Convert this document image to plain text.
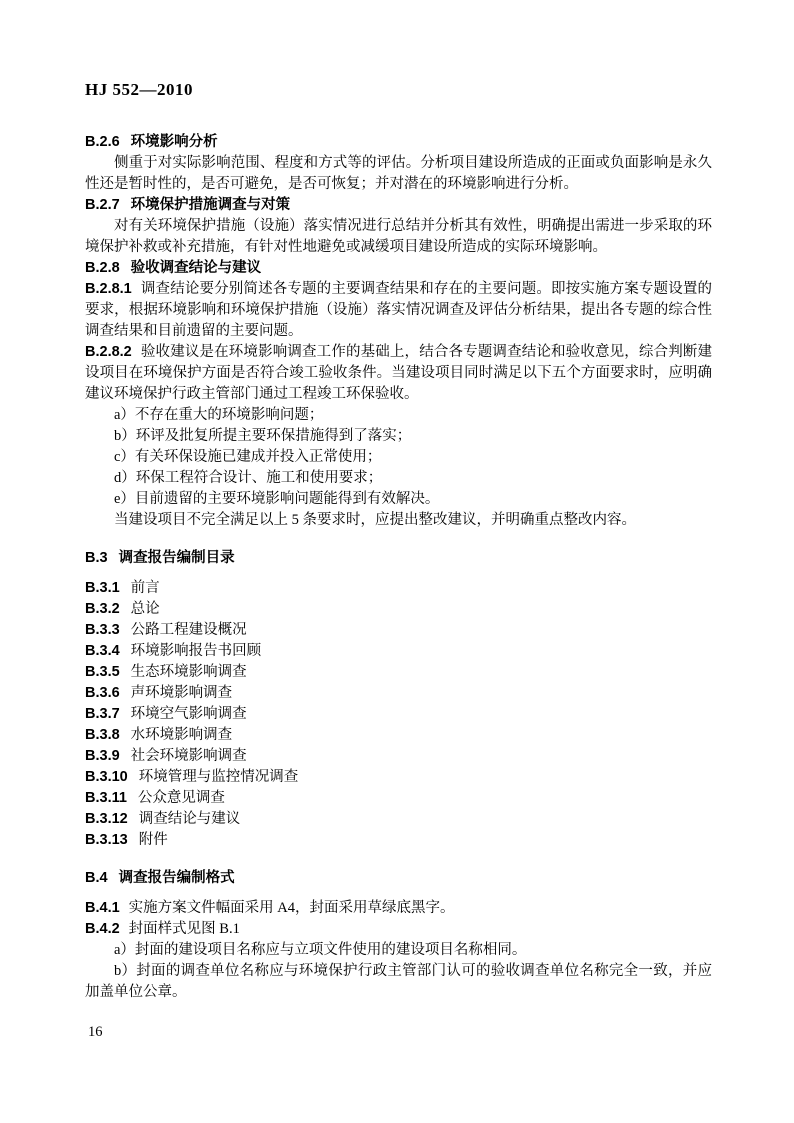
HJ 552—2010

B.2.6 环境影响分析

侧重于对实际影响范围、程度和方式等的评估。分析项目建设所造成的正面或负面影响是永久性还是暂时性的，是否可避免，是否可恢复；并对潜在的环境影响进行分析。

B.2.7 环境保护措施调查与对策

对有关环境保护措施（设施）落实情况进行总结并分析其有效性，明确提出需进一步采取的环境保护补救或补充措施，有针对性地避免或减缓项目建设所造成的实际环境影响。

B.2.8 验收调查结论与建议

B.2.8.1 调查结论要分别简述各专题的主要调查结果和存在的主要问题。即按实施方案专题设置的要求，根据环境影响和环境保护措施（设施）落实情况调查及评估分析结果，提出各专题的综合性调查结果和目前遗留的主要问题。

B.2.8.2 验收建议是在环境影响调查工作的基础上，结合各专题调查结论和验收意见，综合判断建设项目在环境保护方面是否符合竣工验收条件。当建设项目同时满足以下五个方面要求时，应明确建议环境保护行政主管部门通过工程竣工环保验收。

a）不存在重大的环境影响问题；

b）环评及批复所提主要环保措施得到了落实；

c）有关环保设施已建成并投入正常使用；

d）环保工程符合设计、施工和使用要求；

e）目前遗留的主要环境影响问题能得到有效解决。

当建设项目不完全满足以上 5 条要求时，应提出整改建议，并明确重点整改内容。

B.3 调查报告编制目录

B.3.1 前言

B.3.2 总论

B.3.3 公路工程建设概况

B.3.4 环境影响报告书回顾

B.3.5 生态环境影响调查

B.3.6 声环境影响调查

B.3.7 环境空气影响调查

B.3.8 水环境影响调查

B.3.9 社会环境影响调查

B.3.10 环境管理与监控情况调查

B.3.11 公众意见调查

B.3.12 调查结论与建议

B.3.13 附件

B.4 调查报告编制格式

B.4.1 实施方案文件幅面采用 A4，封面采用草绿底黑字。

B.4.2 封面样式见图 B.1

a）封面的建设项目名称应与立项文件使用的建设项目名称相同。

b）封面的调查单位名称应与环境保护行政主管部门认可的验收调查单位名称完全一致，并应加盖单位公章。

16
